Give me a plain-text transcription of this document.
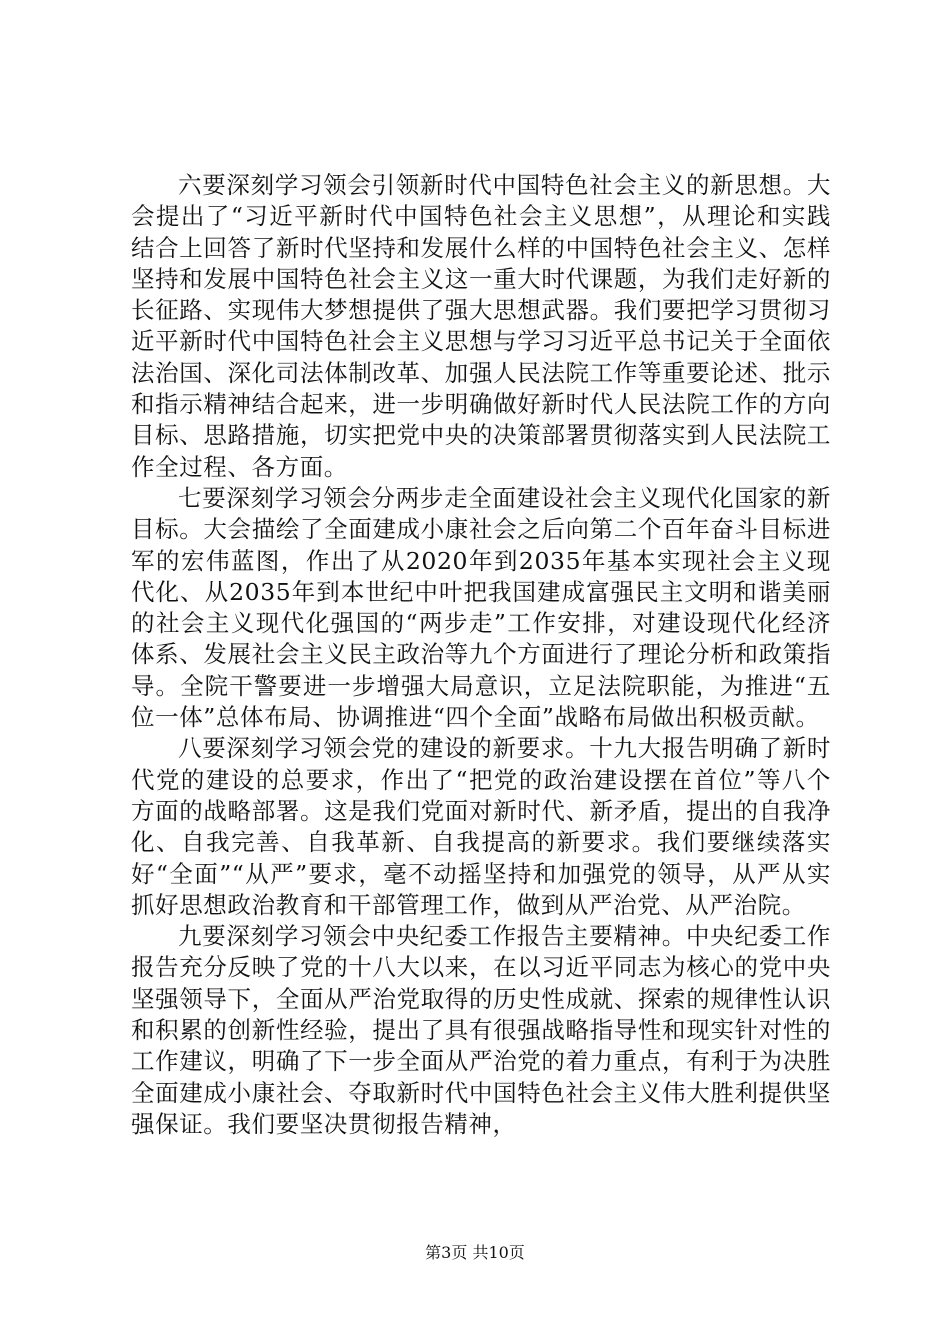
六要深刻学习领会引领新时代中国特色社会主义的新思想。大会提出了“习近平新时代中国特色社会主义思想”，从理论和实践结合上回答了新时代坚持和发展什么样的中国特色社会主义、怎样坚持和发展中国特色社会主义这一重大时代课题，为我们走好新的长征路、实现伟大梦想提供了强大思想武器。我们要把学习贯彻习近平新时代中国特色社会主义思想与学习习近平总书记关于全面依法治国、深化司法体制改革、加强人民法院工作等重要论述、批示和指示精神结合起来，进一步明确做好新时代人民法院工作的方向目标、思路措施，切实把党中央的决策部署贯彻落实到人民法院工作全过程、各方面。

七要深刻学习领会分两步走全面建设社会主义现代化国家的新目标。大会描绘了全面建成小康社会之后向第二个百年奋斗目标进军的宏伟蓝图，作出了从2020年到2035年基本实现社会主义现代化、从2035年到本世纪中叶把我国建成富强民主文明和谐美丽的社会主义现代化强国的“两步走”工作安排，对建设现代化经济体系、发展社会主义民主政治等九个方面进行了理论分析和政策指导。全院干警要进一步增强大局意识，立足法院职能，为推进“五位一体”总体布局、协调推进“四个全面”战略布局做出积极贡献。

八要深刻学习领会党的建设的新要求。十九大报告明确了新时代党的建设的总要求，作出了“把党的政治建设摆在首位”等八个方面的战略部署。这是我们党面对新时代、新矛盾，提出的自我净化、自我完善、自我革新、自我提高的新要求。我们要继续落实好“全面”“从严”要求，毫不动摇坚持和加强党的领导，从严从实抓好思想政治教育和干部管理工作，做到从严治党、从严治院。

九要深刻学习领会中央纪委工作报告主要精神。中央纪委工作报告充分反映了党的十八大以来，在以习近平同志为核心的党中央坚强领导下，全面从严治党取得的历史性成就、探索的规律性认识和积累的创新性经验，提出了具有很强战略指导性和现实针对性的工作建议，明确了下一步全面从严治党的着力重点，有利于为决胜全面建成小康社会、夺取新时代中国特色社会主义伟大胜利提供坚强保证。我们要坚决贯彻报告精神，

第3页 共10页
